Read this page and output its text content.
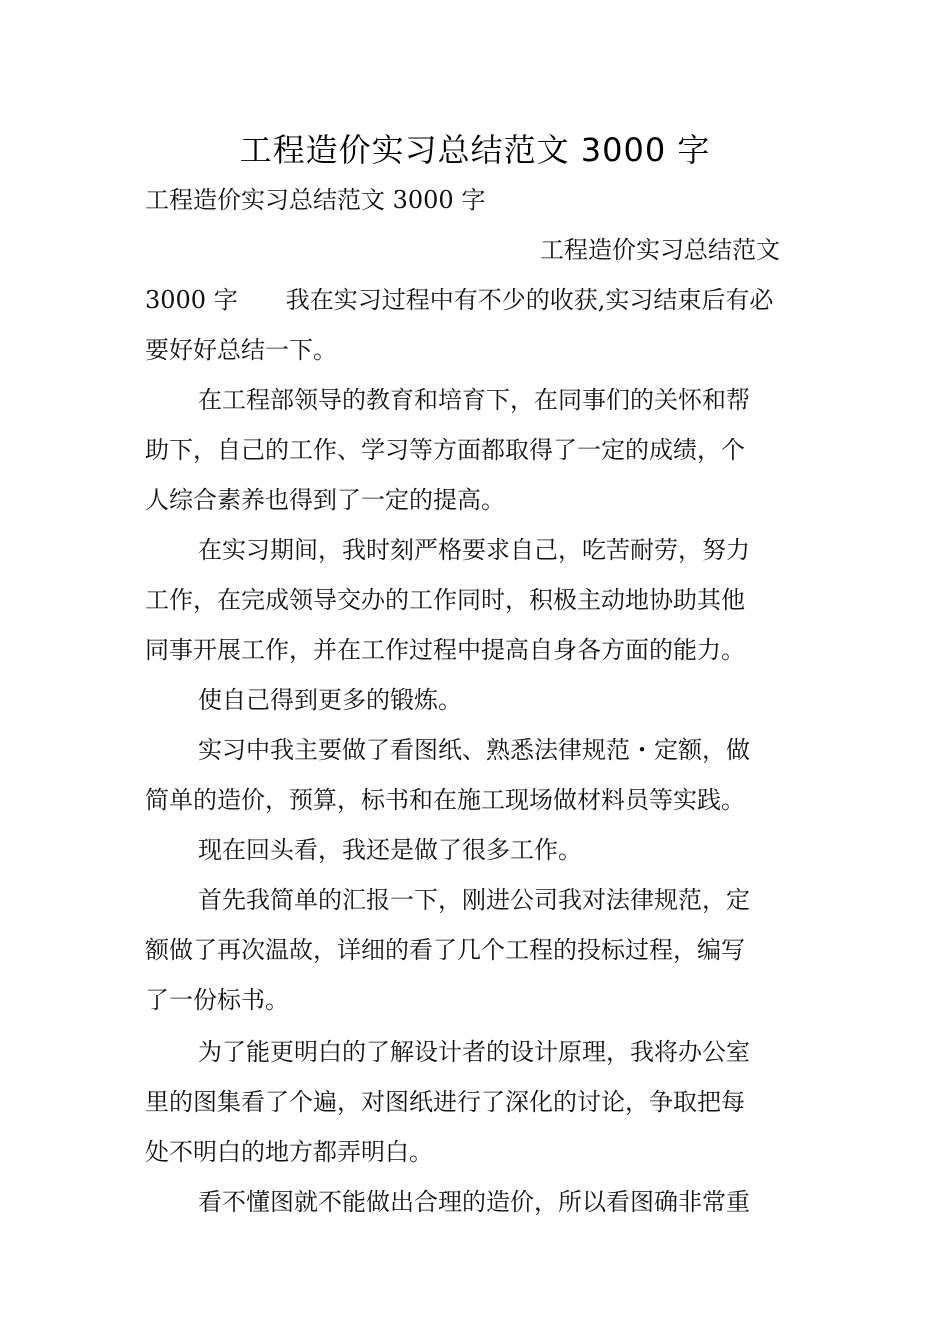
工程造价实习总结范文 3000 字
工程造价实习总结范文 3000 字
工程造价实习总结范文
3000 字　　我在实习过程中有不少的收获,实习结束后有必
要好好总结一下。
在工程部领导的教育和培育下，在同事们的关怀和帮
助下，自己的工作、学习等方面都取得了一定的成绩，个
人综合素养也得到了一定的提高。
在实习期间，我时刻严格要求自己，吃苦耐劳，努力
工作，在完成领导交办的工作同时，积极主动地协助其他
同事开展工作，并在工作过程中提高自身各方面的能力。
使自己得到更多的锻炼。
实习中我主要做了看图纸、熟悉法律规范・定额，做
简单的造价，预算，标书和在施工现场做材料员等实践。
现在回头看，我还是做了很多工作。
首先我简单的汇报一下，刚进公司我对法律规范，定
额做了再次温故，详细的看了几个工程的投标过程，编写
了一份标书。
为了能更明白的了解设计者的设计原理，我将办公室
里的图集看了个遍，对图纸进行了深化的讨论，争取把每
处不明白的地方都弄明白。
看不懂图就不能做出合理的造价，所以看图确非常重
